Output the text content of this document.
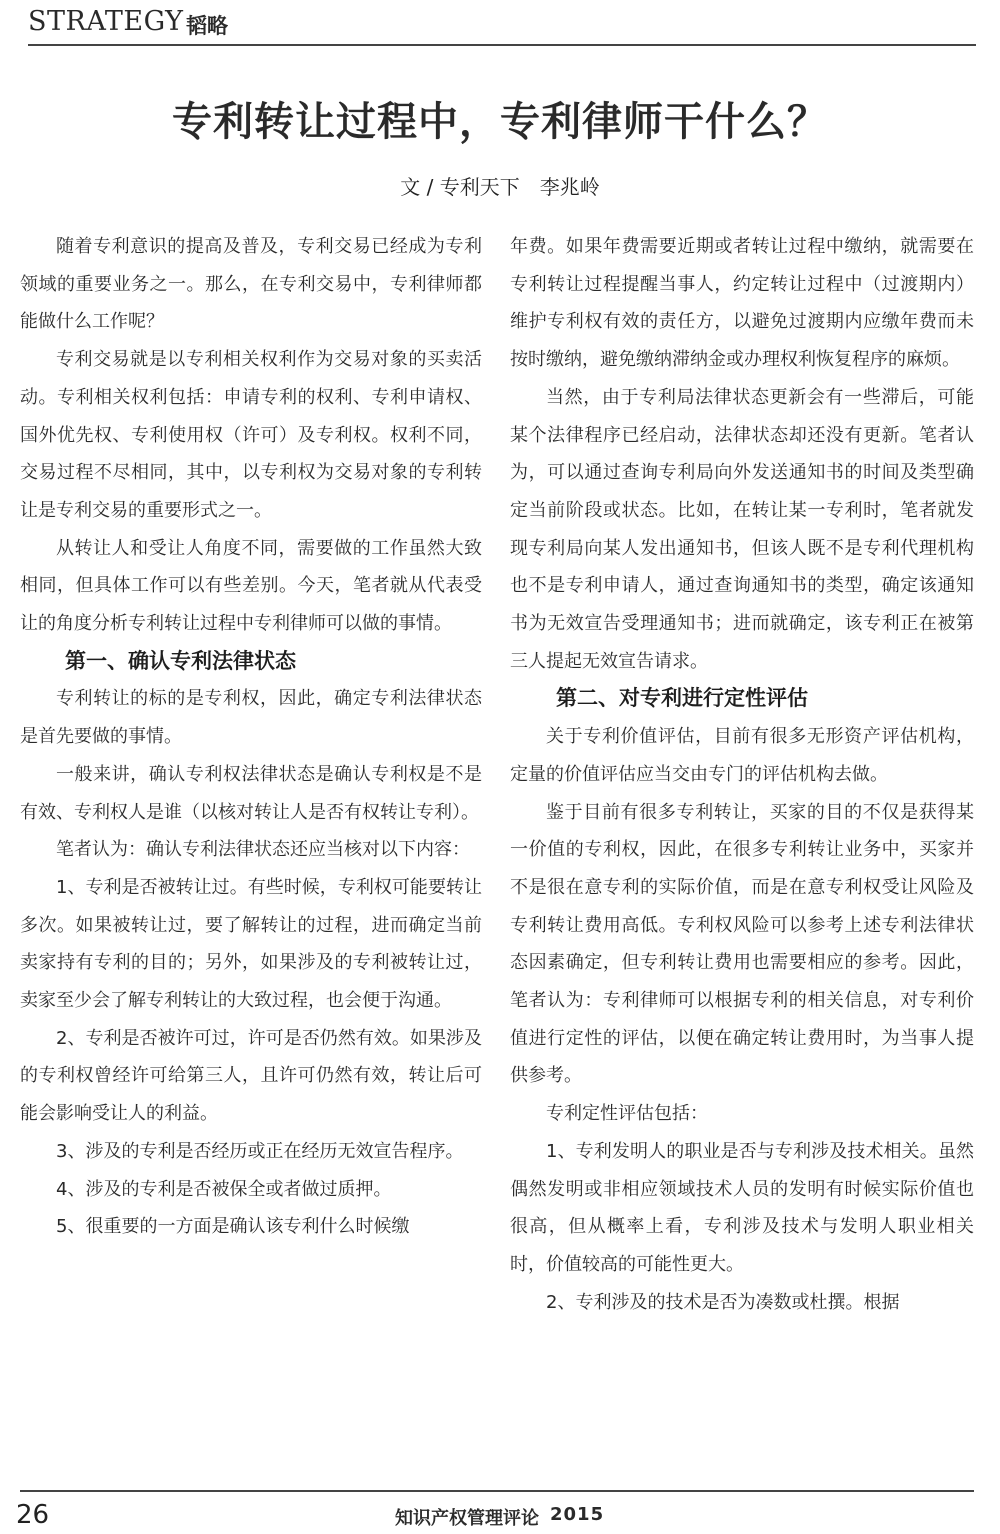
STRATEGY 韬略
专利转让过程中，专利律师干什么？
文 / 专利天下　李兆岭

随着专利意识的提高及普及，专利交易已经成为专利领域的重要业务之一。那么，在专利交易中，专利律师都能做什么工作呢？

专利交易就是以专利相关权利作为交易对象的买卖活动。专利相关权利包括：申请专利的权利、专利申请权、国外优先权、专利使用权（许可）及专利权。权利不同，交易过程不尽相同，其中，以专利权为交易对象的专利转让是专利交易的重要形式之一。

从转让人和受让人角度不同，需要做的工作虽然大致相同，但具体工作可以有些差别。今天，笔者就从代表受让的角度分析专利转让过程中专利律师可以做的事情。

第一、确认专利法律状态

专利转让的标的是专利权，因此，确定专利法律状态是首先要做的事情。

一般来讲，确认专利权法律状态是确认专利权是不是有效、专利权人是谁（以核对转让人是否有权转让专利）。

笔者认为：确认专利法律状态还应当核对以下内容：

1、专利是否被转让过。有些时候，专利权可能要转让多次。如果被转让过，要了解转让的过程，进而确定当前卖家持有专利的目的；另外，如果涉及的专利被转让过，卖家至少会了解专利转让的大致过程，也会便于沟通。

2、专利是否被许可过，许可是否仍然有效。如果涉及的专利权曾经许可给第三人，且许可仍然有效，转让后可能会影响受让人的利益。

3、涉及的专利是否经历或正在经历无效宣告程序。

4、涉及的专利是否被保全或者做过质押。

5、很重要的一方面是确认该专利什么时候缴

年费。如果年费需要近期或者转让过程中缴纳，就需要在专利转让过程提醒当事人，约定转让过程中（过渡期内）维护专利权有效的责任方，以避免过渡期内应缴年费而未按时缴纳，避免缴纳滞纳金或办理权利恢复程序的麻烦。

当然，由于专利局法律状态更新会有一些滞后，可能某个法律程序已经启动，法律状态却还没有更新。笔者认为，可以通过查询专利局向外发送通知书的时间及类型确定当前阶段或状态。比如，在转让某一专利时，笔者就发现专利局向某人发出通知书，但该人既不是专利代理机构也不是专利申请人，通过查询通知书的类型，确定该通知书为无效宣告受理通知书；进而就确定，该专利正在被第三人提起无效宣告请求。

第二、对专利进行定性评估

关于专利价值评估，目前有很多无形资产评估机构，定量的价值评估应当交由专门的评估机构去做。

鉴于目前有很多专利转让，买家的目的不仅是获得某一价值的专利权，因此，在很多专利转让业务中，买家并不是很在意专利的实际价值，而是在意专利权受让风险及专利转让费用高低。专利权风险可以参考上述专利法律状态因素确定，但专利转让费用也需要相应的参考。因此，笔者认为：专利律师可以根据专利的相关信息，对专利价值进行定性的评估，以便在确定转让费用时，为当事人提供参考。

专利定性评估包括：

1、专利发明人的职业是否与专利涉及技术相关。虽然偶然发明或非相应领域技术人员的发明有时候实际价值也很高，但从概率上看，专利涉及技术与发明人职业相关时，价值较高的可能性更大。

2、专利涉及的技术是否为凑数或杜撰。根据

26	知识产权管理评论 2015
